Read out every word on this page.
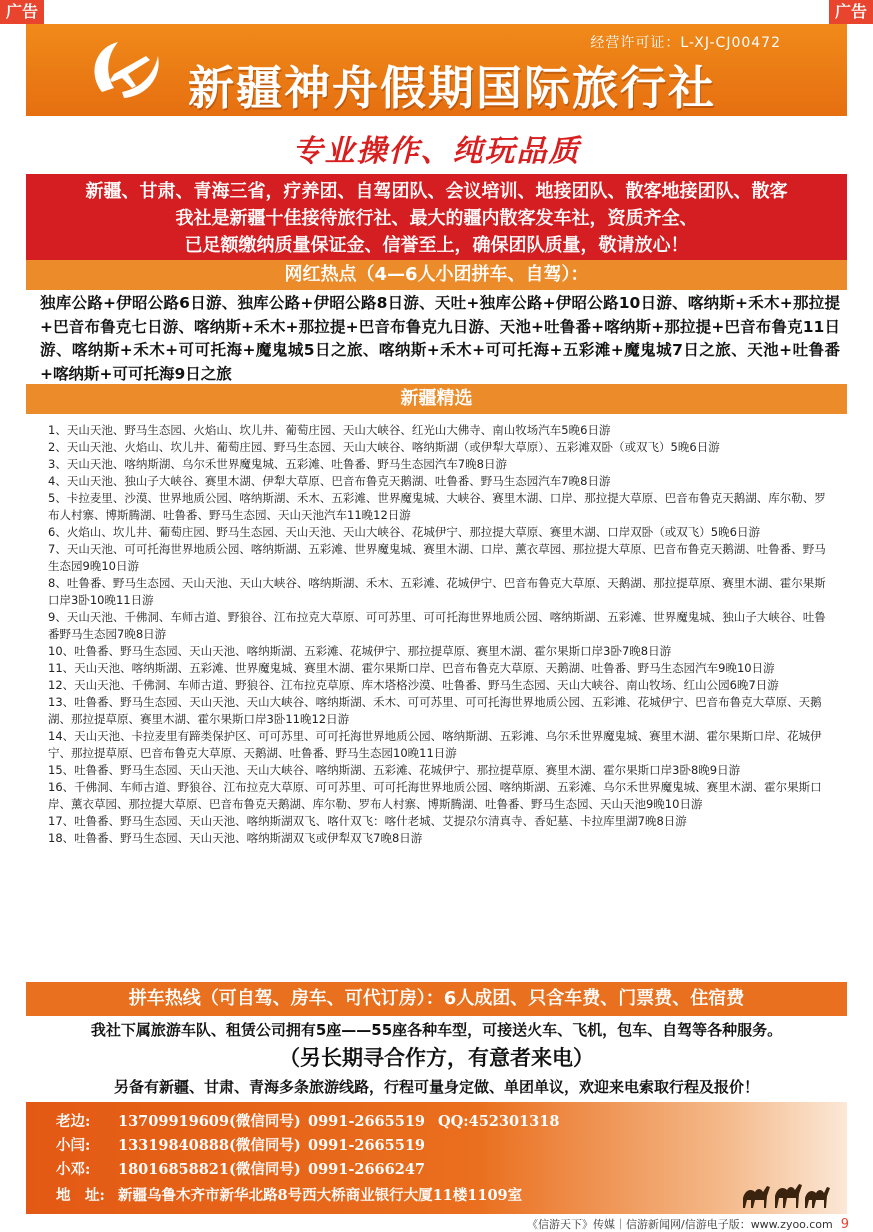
广告	广告
经营许可证：L-XJ-CJ00472
新疆神舟假期国际旅行社
专业操作、纯玩品质
新疆、甘肃、青海三省，疗养团、自驾团队、会议培训、地接团队、散客地接团队、散客
我社是新疆十佳接待旅行社、最大的疆内散客发车社，资质齐全、
已足额缴纳质量保证金、信誉至上，确保团队质量，敬请放心！
网红热点（4—6人小团拼车、自驾）：
独库公路+伊昭公路6日游、独库公路+伊昭公路8日游、天吐+独库公路+伊昭公路10日游、喀纳斯+禾木+那拉提+巴音布鲁克七日游、喀纳斯+禾木+那拉提+巴音布鲁克九日游、天池+吐鲁番+喀纳斯+那拉提+巴音布鲁克11日游、喀纳斯+禾木+可可托海+魔鬼城5日之旅、喀纳斯+禾木+可可托海+五彩滩+魔鬼城7日之旅、天池+吐鲁番+喀纳斯+可可托海9日之旅
新疆精选
1、天山天池、野马生态园、火焰山、坎儿井、葡萄庄园、天山大峡谷、红光山大佛寺、南山牧场汽车5晚6日游
2、天山天池、火焰山、坎儿井、葡萄庄园、野马生态园、天山大峡谷、喀纳斯湖（或伊犁大草原）、五彩滩双卧（或双飞）5晚6日游
3、天山天池、喀纳斯湖、乌尔禾世界魔鬼城、五彩滩、吐鲁番、野马生态园汽车7晚8日游
4、天山天池、独山子大峡谷、赛里木湖、伊犁大草原、巴音布鲁克天鹅湖、吐鲁番、野马生态园汽车7晚8日游
5、卡拉麦里、沙漠、世界地质公园、喀纳斯湖、禾木、五彩滩、世界魔鬼城、大峡谷、赛里木湖、口岸、那拉提大草原、巴音布鲁克天鹅湖、库尔勒、罗布人村寨、博斯腾湖、吐鲁番、野马生态园、天山天池汽车11晚12日游
6、火焰山、坎儿井、葡萄庄园、野马生态园、天山天池、天山大峡谷、花城伊宁、那拉提大草原、赛里木湖、口岸双卧（或双飞）5晚6日游
7、天山天池、可可托海世界地质公园、喀纳斯湖、五彩滩、世界魔鬼城、赛里木湖、口岸、薰衣草园、那拉提大草原、巴音布鲁克天鹅湖、吐鲁番、野马生态园9晚10日游
8、吐鲁番、野马生态园、天山天池、天山大峡谷、喀纳斯湖、禾木、五彩滩、花城伊宁、巴音布鲁克大草原、天鹅湖、那拉提草原、赛里木湖、霍尔果斯口岸3卧10晚11日游
9、天山天池、千佛洞、车师古道、野狼谷、江布拉克大草原、可可苏里、可可托海世界地质公园、喀纳斯湖、五彩滩、世界魔鬼城、独山子大峡谷、吐鲁番野马生态园7晚8日游
10、吐鲁番、野马生态园、天山天池、喀纳斯湖、五彩滩、花城伊宁、那拉提草原、赛里木湖、霍尔果斯口岸3卧7晚8日游
11、天山天池、喀纳斯湖、五彩滩、世界魔鬼城、赛里木湖、霍尔果斯口岸、巴音布鲁克大草原、天鹅湖、吐鲁番、野马生态园汽车9晚10日游
12、天山天池、千佛洞、车师古道、野狼谷、江布拉克草原、库木塔格沙漠、吐鲁番、野马生态园、天山大峡谷、南山牧场、红山公园6晚7日游
13、吐鲁番、野马生态园、天山天池、天山大峡谷、喀纳斯湖、禾木、可可苏里、可可托海世界地质公园、五彩滩、花城伊宁、巴音布鲁克大草原、天鹅湖、那拉提草原、赛里木湖、霍尔果斯口岸3卧11晚12日游
14、天山天池、卡拉麦里有蹄类保护区、可可苏里、可可托海世界地质公园、喀纳斯湖、五彩滩、乌尔禾世界魔鬼城、赛里木湖、霍尔果斯口岸、花城伊宁、那拉提草原、巴音布鲁克大草原、天鹅湖、吐鲁番、野马生态园10晚11日游
15、吐鲁番、野马生态园、天山天池、天山大峡谷、喀纳斯湖、五彩滩、花城伊宁、那拉提草原、赛里木湖、霍尔果斯口岸3卧8晚9日游
16、千佛洞、车师古道、野狼谷、江布拉克大草原、可可苏里、可可托海世界地质公园、喀纳斯湖、五彩滩、乌尔禾世界魔鬼城、赛里木湖、霍尔果斯口岸、薰衣草园、那拉提大草原、巴音布鲁克天鹅湖、库尔勒、罗布人村寨、博斯腾湖、吐鲁番、野马生态园、天山天池9晚10日游
17、吐鲁番、野马生态园、天山天池、喀纳斯湖双飞、喀什双飞：喀什老城、艾提尕尔清真寺、香妃墓、卡拉库里湖7晚8日游
18、吐鲁番、野马生态园、天山天池、喀纳斯湖双飞或伊犁双飞7晚8日游
拼车热线（可自驾、房车、可代订房）：6人成团、只含车费、门票费、住宿费
我社下属旅游车队、租赁公司拥有5座——55座各种车型，可接送火车、飞机，包车、自驾等各种服务。
（另长期寻合作方，有意者来电）
另备有新疆、甘肃、青海多条旅游线路，行程可量身定做、单团单议，欢迎来电索取行程及报价！
老边: 13709919609(微信同号) 0991-2665519 QQ:452301318
小闫: 13319840888(微信同号) 0991-2665519
小邓: 18016858821(微信同号) 0991-2666247
地　址: 新疆乌鲁木齐市新华北路8号西大桥商业银行大厦11楼1109室
《信游天下》传媒｜信游新闻网/信游电子版：www.zyoo.com 9
